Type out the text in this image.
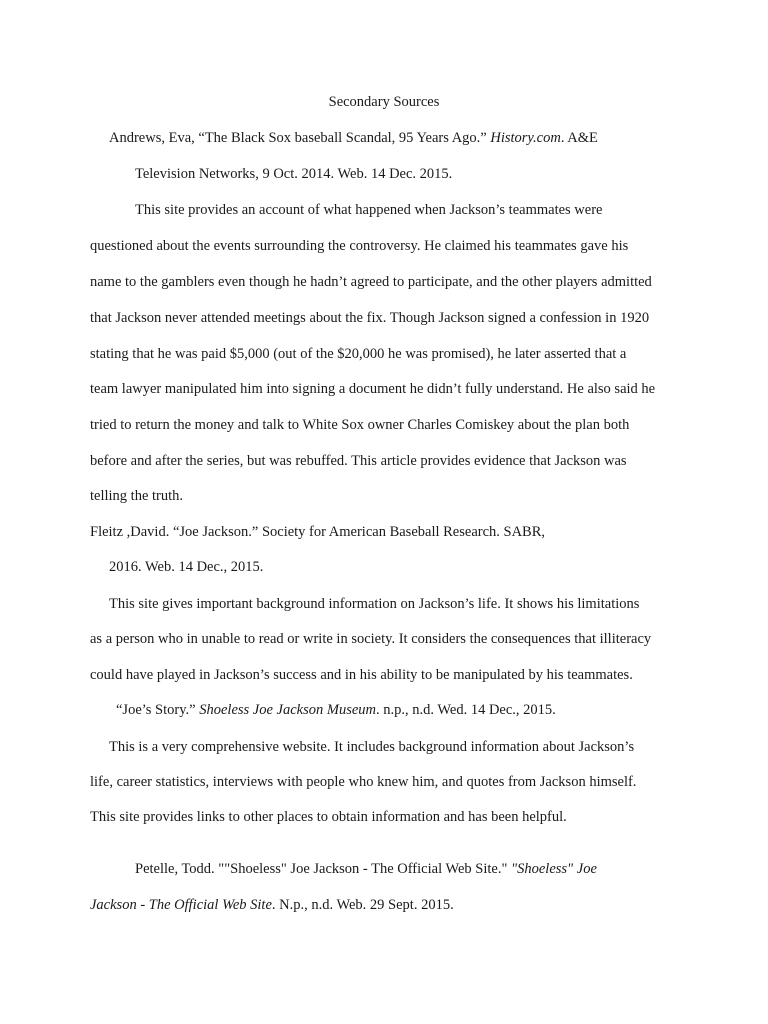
Secondary Sources
Andrews, Eva, “The Black Sox baseball Scandal, 95 Years Ago.” History.com. A&E
Television Networks, 9 Oct. 2014. Web. 14 Dec. 2015.
This site provides an account of what happened when Jackson’s teammates were
questioned about the events surrounding the controversy. He claimed his teammates gave his
name to the gamblers even though he hadn’t agreed to participate, and the other players admitted
that Jackson never attended meetings about the fix. Though Jackson signed a confession in 1920
stating that he was paid $5,000 (out of the $20,000 he was promised), he later asserted that a
team lawyer manipulated him into signing a document he didn’t fully understand. He also said he
tried to return the money and talk to White Sox owner Charles Comiskey about the plan both
before and after the series, but was rebuffed. This article provides evidence that Jackson was
telling the truth.
Fleitz ,David. “Joe Jackson.” Society for American Baseball Research. SABR,
2016. Web. 14 Dec., 2015.
This site gives important background information on Jackson’s life. It shows his limitations
as a person who in unable to read or write in society. It considers the consequences that illiteracy
could have played in Jackson’s success and in his ability to be manipulated by his teammates.
“Joe’s Story.” Shoeless Joe Jackson Museum. n.p., n.d. Wed. 14 Dec., 2015.
This is a very comprehensive website. It includes background information about Jackson’s
life, career statistics, interviews with people who knew him, and quotes from Jackson himself.
This site provides links to other places to obtain information and has been helpful.
Petelle, Todd. ""Shoeless" Joe Jackson - The Official Web Site." "Shoeless" Joe
Jackson - The Official Web Site. N.p., n.d. Web. 29 Sept. 2015.
